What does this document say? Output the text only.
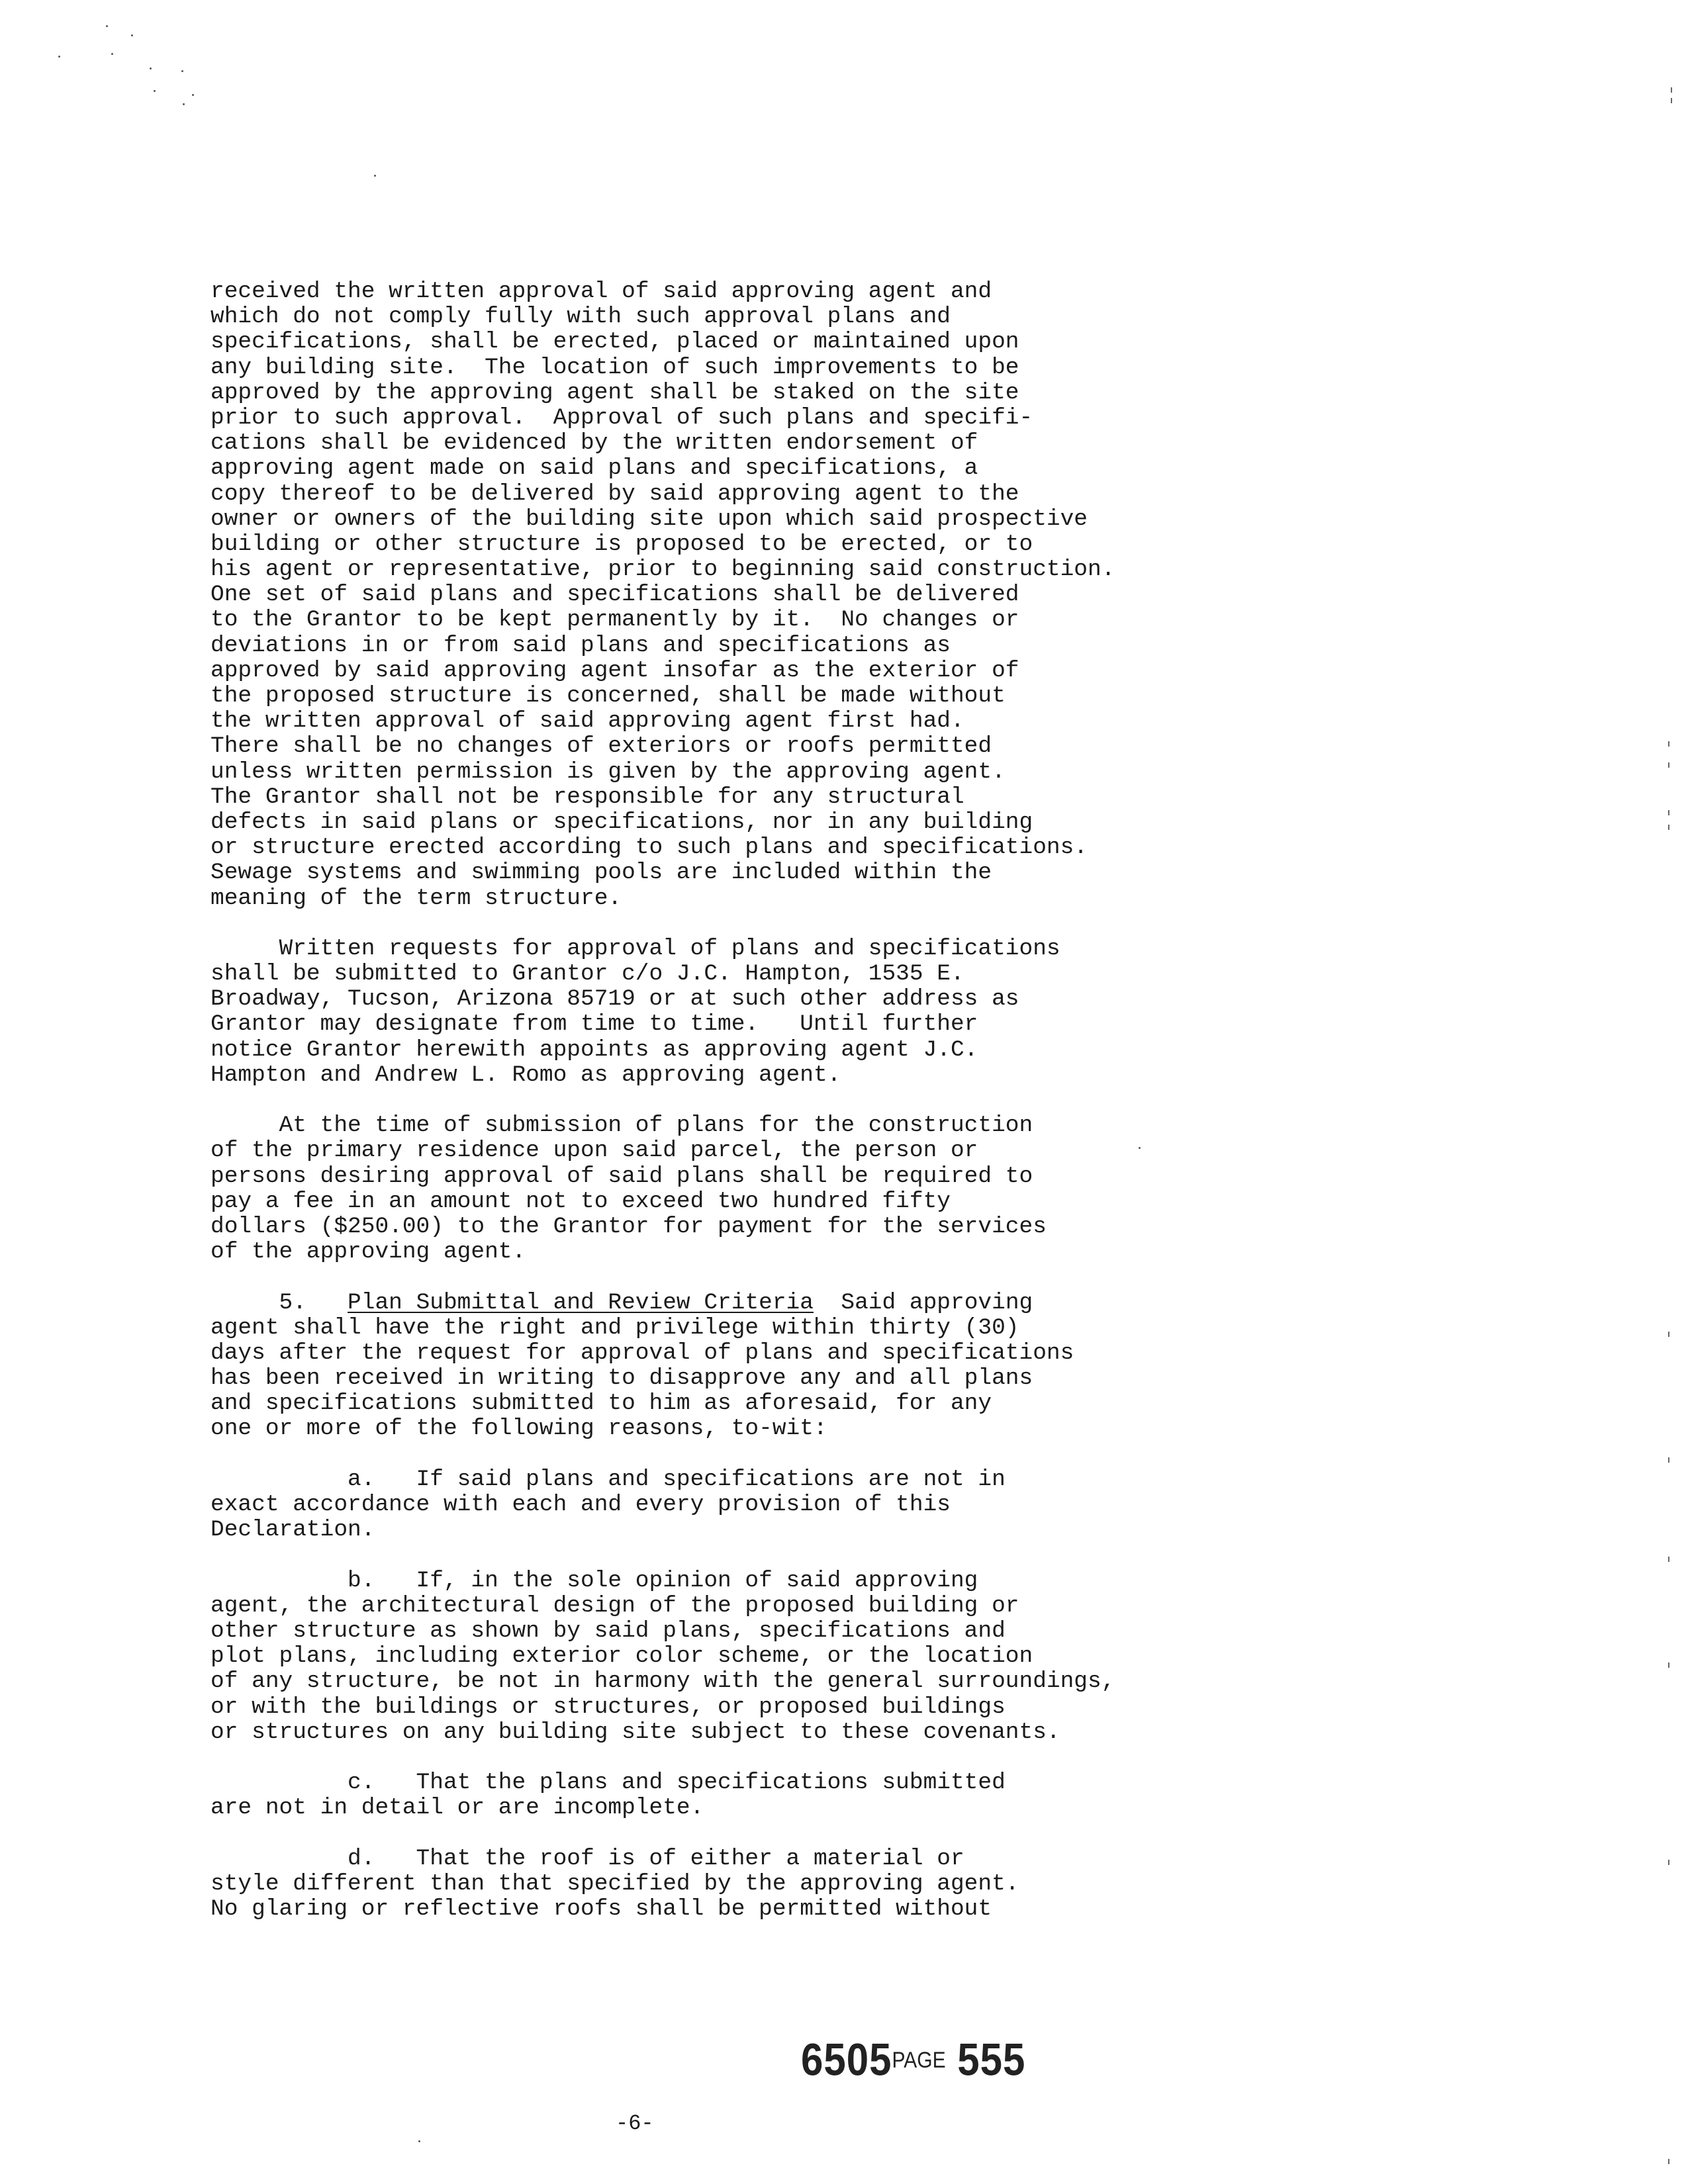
received the written approval of said approving agent and
which do not comply fully with such approval plans and
specifications, shall be erected, placed or maintained upon
any building site.  The location of such improvements to be
approved by the approving agent shall be staked on the site
prior to such approval.  Approval of such plans and specifi-
cations shall be evidenced by the written endorsement of
approving agent made on said plans and specifications, a
copy thereof to be delivered by said approving agent to the
owner or owners of the building site upon which said prospective
building or other structure is proposed to be erected, or to
his agent or representative, prior to beginning said construction.
One set of said plans and specifications shall be delivered
to the Grantor to be kept permanently by it.  No changes or
deviations in or from said plans and specifications as
approved by said approving agent insofar as the exterior of
the proposed structure is concerned, shall be made without
the written approval of said approving agent first had.
There shall be no changes of exteriors or roofs permitted
unless written permission is given by the approving agent.
The Grantor shall not be responsible for any structural
defects in said plans or specifications, nor in any building
or structure erected according to such plans and specifications.
Sewage systems and swimming pools are included within the
meaning of the term structure.
Written requests for approval of plans and specifications
shall be submitted to Grantor c/o J.C. Hampton, 1535 E.
Broadway, Tucson, Arizona 85719 or at such other address as
Grantor may designate from time to time.   Until further
notice Grantor herewith appoints as approving agent J.C.
Hampton and Andrew L. Romo as approving agent.
At the time of submission of plans for the construction
of the primary residence upon said parcel, the person or
persons desiring approval of said plans shall be required to
pay a fee in an amount not to exceed two hundred fifty
dollars ($250.00) to the Grantor for payment for the services
of the approving agent.
5.   Plan Submittal and Review Criteria  Said approving
agent shall have the right and privilege within thirty (30)
days after the request for approval of plans and specifications
has been received in writing to disapprove any and all plans
and specifications submitted to him as aforesaid, for any
one or more of the following reasons, to-wit:
a.   If said plans and specifications are not in
exact accordance with each and every provision of this
Declaration.
b.   If, in the sole opinion of said approving
agent, the architectural design of the proposed building or
other structure as shown by said plans, specifications and
plot plans, including exterior color scheme, or the location
of any structure, be not in harmony with the general surroundings,
or with the buildings or structures, or proposed buildings
or structures on any building site subject to these covenants.
c.   That the plans and specifications submitted
are not in detail or are incomplete.
d.   That the roof is of either a material or
style different than that specified by the approving agent.
No glaring or reflective roofs shall be permitted without
6505PAGE 555
-6-
